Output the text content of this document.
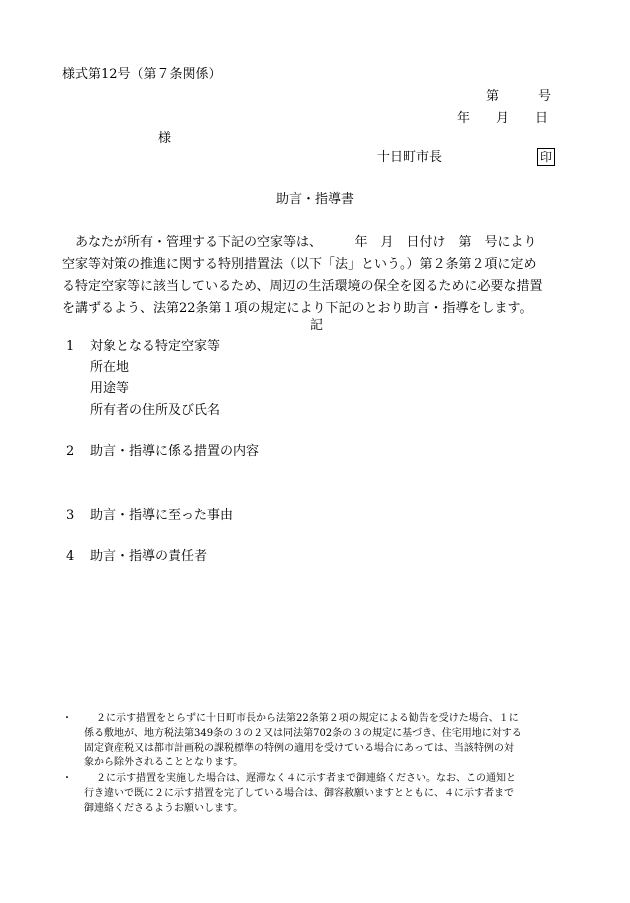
様式第12号（第７条関係）
第　　　号
年　　月　　日
様
十日町市長	印
助言・指導書
あなたが所有・管理する下記の空家等は、　　　年　月　日付け　第　号により
空家等対策の推進に関する特別措置法（以下「法」という。）第２条第２項に定め
る特定空家等に該当しているため、周辺の生活環境の保全を図るために必要な措置
を講ずるよう、法第22条第１項の規定により下記のとおり助言・指導をします。
記
1 対象となる特定空家等
所在地
用途等
所有者の住所及び氏名
2 助言・指導に係る措置の内容
3 助言・指導に至った事由
4 助言・指導の責任者
・	２に示す措置をとらずに十日町市長から法第22条第２項の規定による勧告を受けた場合、１に
係る敷地が、地方税法第349条の３の２又は同法第702条の３の規定に基づき、住宅用地に対する
固定資産税又は都市計画税の課税標準の特例の適用を受けている場合にあっては、当該特例の対
象から除外されることとなります。
・	２に示す措置を実施した場合は、遅滞なく４に示す者まで御連絡ください。なお、この通知と
行き違いで既に２に示す措置を完了している場合は、御容赦願いますとともに、４に示す者まで
御連絡くださるようお願いします。
